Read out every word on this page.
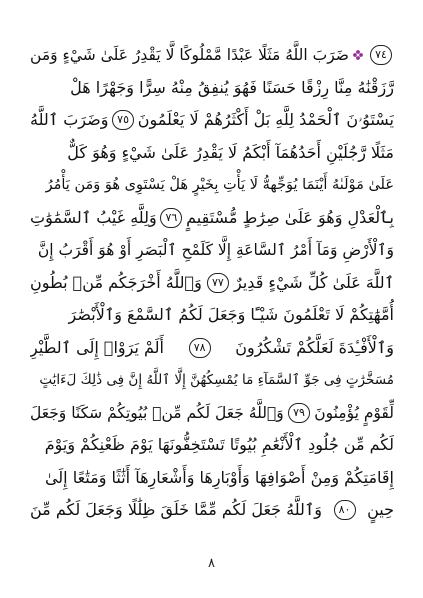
٧٤
ضَرَبَ اللَّهُ مَثَلًا عَبْدًا مَّمْلُوكًا لَّا يَقْدِرُ عَلَىٰ شَيْءٍ وَمَن
رَّزَقْنَٰهُ مِنَّا رِزْقًا حَسَنًا فَهُوَ يُنفِقُ مِنْهُ سِرًّا وَجَهْرًا هَلْ
يَسْتَوُۥنَ ٱلْحَمْدُ لِلَّهِ بَلْ أَكْثَرُهُمْ لَا يَعْلَمُونَ
٧٥
وَضَرَبَ ٱللَّهُ
مَثَلًا رَّجُلَيْنِ أَحَدُهُمَآ أَبْكَمُ لَا يَقْدِرُ عَلَىٰ شَيْءٍ وَهُوَ كَلٌّ
عَلَىٰ مَوْلَىٰهُ أَيْنَمَا يُوَجِّههُّ لَا يَأْتِ بِخَيْرٍ هَلْ يَسْتَوِى هُوَ وَمَن يَأْمُرُ
بِٱلْعَدْلِ وَهُوَ عَلَىٰ صِرَٰطٍ مُّسْتَقِيمٍ
٧٦
وَلِلَّهِ غَيْبُ ٱلسَّمَٰوَٰتِ
وَٱلْأَرْضِ وَمَآ أَمْرُ ٱلسَّاعَةِ إِلَّا كَلَمْحِ ٱلْبَصَرِ أَوْ هُوَ أَقْرَبُ إِنَّ
ٱللَّهَ عَلَىٰ كُلِّ شَيْءٍ قَدِيرٌ
٧٧
وَٱللَّهُ أَخْرَجَكُم مِّنۢ بُطُونِ
أُمَّهَٰتِكُمْ لَا تَعْلَمُونَ شَيْـًٔا وَجَعَلَ لَكُمُ ٱلسَّمْعَ وَٱلْأَبْصَٰرَ
وَٱلْأَفْـِٔدَةَ لَعَلَّكُمْ تَشْكُرُونَ
٧٨
أَلَمْ يَرَوْا۟ إِلَى ٱلطَّيْرِ
مُسَخَّرَٰتٍ فِى جَوِّ ٱلسَّمَآءِ مَا يُمْسِكُهُنَّ إِلَّا ٱللَّهُ إِنَّ فِى ذَٰلِكَ لَءَايَٰتٍ
لِّقَوْمٍ يُؤْمِنُونَ
٧٩
وَٱللَّهُ جَعَلَ لَكُم مِّنۢ بُيُوتِكُمْ سَكَنًا وَجَعَلَ
لَكُم مِّن جُلُودِ ٱلْأَنْعَٰمِ بُيُوتًا تَسْتَخِفُّونَهَا يَوْمَ ظَعْنِكُمْ وَيَوْمَ
إِقَامَتِكُمْ وَمِنْ أَصْوَافِهَا وَأَوْبَارِهَا وَأَشْعَارِهَآ أَثَٰثًا وَمَتَٰعًا إِلَىٰ
حِينٍ
٨٠
وَٱللَّهُ جَعَلَ لَكُم مِّمَّا خَلَقَ ظِلَٰلًا وَجَعَلَ لَكُم مِّنَ
٨
